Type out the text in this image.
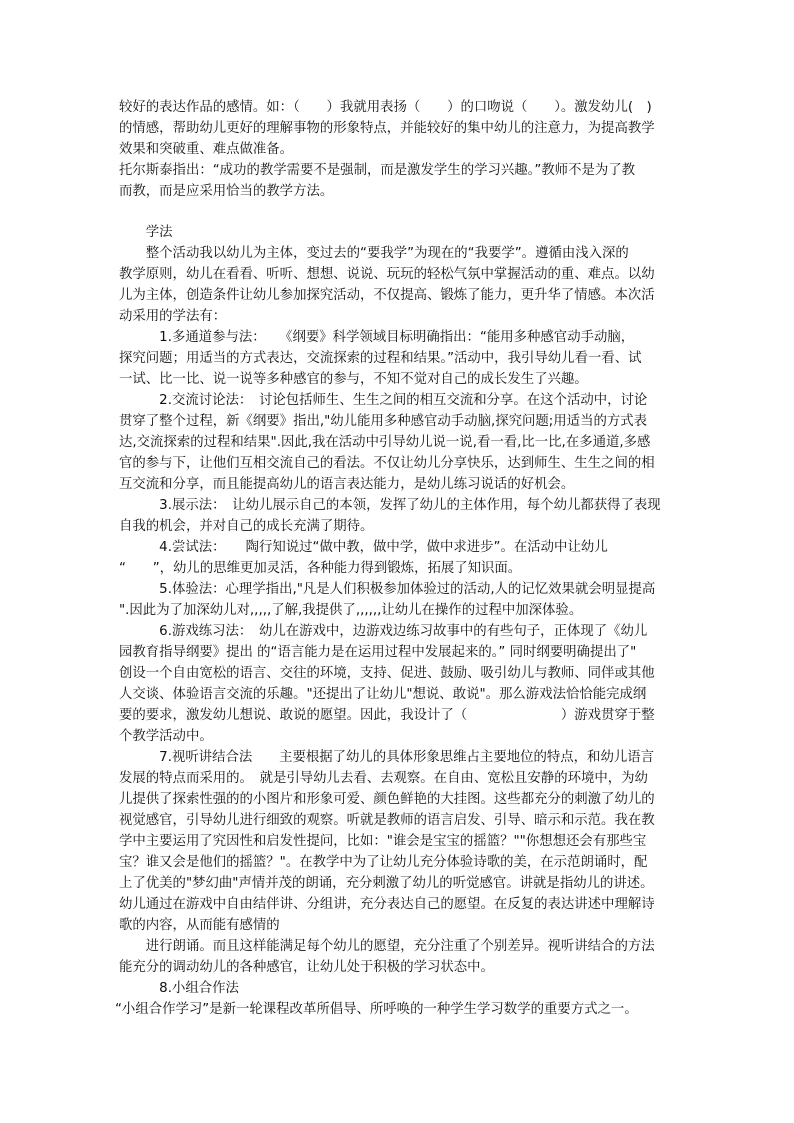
较好的表达作品的感情。如：（　　）我就用表扬（　　）的口吻说（　　）。激发幼儿(　)
的情感，帮助幼儿更好的理解事物的形象特点，并能较好的集中幼儿的注意力，为提高教学
效果和突破重、难点做准备。
托尔斯泰指出：“成功的教学需要不是强制，而是激发学生的学习兴趣。”教师不是为了教
而教，而是应采用恰当的教学方法。
　　学法
　　整个活动我以幼儿为主体，变过去的“要我学”为现在的“我要学”。遵循由浅入深的
教学原则，幼儿在看看、听听、想想、说说、玩玩的轻松气氛中掌握活动的重、难点。以幼
儿为主体，创造条件让幼儿参加探究活动，不仅提高、锻炼了能力，更升华了情感。本次活
动采用的学法有：
　　　1.多通道参与法：　　《纲要》科学领域目标明确指出：“能用多种感官动手动脑，
探究问题；用适当的方式表达，交流探索的过程和结果。”活动中，我引导幼儿看一看、试
一试、比一比、说一说等多种感官的参与，不知不觉对自己的成长发生了兴趣。
　　　2.交流讨论法：　讨论包括师生、生生之间的相互交流和分享。在这个活动中，讨论
贯穿了整个过程，新《纲要》指出,"幼儿能用多种感官动手动脑,探究问题;用适当的方式表
达,交流探索的过程和结果".因此,我在活动中引导幼儿说一说,看一看,比一比,在多通道,多感
官的参与下，让他们互相交流自己的看法。不仅让幼儿分享快乐，达到师生、生生之间的相
互交流和分享，而且能提高幼儿的语言表达能力，是幼儿练习说话的好机会。
　　　3.展示法：　让幼儿展示自己的本领，发挥了幼儿的主体作用，每个幼儿都获得了表现
自我的机会，并对自己的成长充满了期待。
　　　4.尝试法：　　陶行知说过“做中教，做中学，做中求进步”。在活动中让幼儿
“　　”，幼儿的思维更加灵活，各种能力得到锻炼，拓展了知识面。
　　　5.体验法：心理学指出,"凡是人们积极参加体验过的活动,人的记忆效果就会明显提高
".因此为了加深幼儿对,,,,,了解,我提供了,,,,,,让幼儿在操作的过程中加深体验。
　　　6.游戏练习法：　幼儿在游戏中，边游戏边练习故事中的有些句子，正体现了《幼儿
园教育指导纲要》提出 的“语言能力是在运用过程中发展起来的。” 同时纲要明确提出了"
创设一个自由宽松的语言、交往的环境，支持、促进、鼓励、吸引幼儿与教师、同伴或其他
人交谈、体验语言交流的乐趣。"还提出了让幼儿"想说、敢说"。那么游戏法恰恰能完成纲
要的要求，激发幼儿想说、敢说的愿望。因此，我设计了（　　　　　　　）游戏贯穿于整
个教学活动中。
　　　7.视听讲结合法　　主要根据了幼儿的具体形象思维占主要地位的特点，和幼儿语言
发展的特点而采用的。　就是引导幼儿去看、去观察。在自由、宽松且安静的环境中，为幼
儿提供了探索性强的的小图片和形象可爱、颜色鲜艳的大挂图。这些都充分的刺激了幼儿的
视觉感官，引导幼儿进行细致的观察。听就是教师的语言启发、引导、暗示和示范。我在教
学中主要运用了究因性和启发性提问，比如："谁会是宝宝的摇篮？""你想想还会有那些宝
宝？谁又会是他们的摇篮？"。在教学中为了让幼儿充分体验诗歌的美，在示范朗诵时，配
上了优美的"梦幻曲"声情并茂的朗诵，充分刺激了幼儿的听觉感官。讲就是指幼儿的讲述。
幼儿通过在游戏中自由结伴讲、分组讲，充分表达自己的愿望。在反复的表达讲述中理解诗
歌的内容，从而能有感情的
　　进行朗诵。而且这样能满足每个幼儿的愿望，充分注重了个别差异。视听讲结合的方法
能充分的调动幼儿的各种感官，让幼儿处于积极的学习状态中。
　　　8.小组合作法
“小组合作学习”是新一轮课程改革所倡导、所呼唤的一种学生学习数学的重要方式之一。
